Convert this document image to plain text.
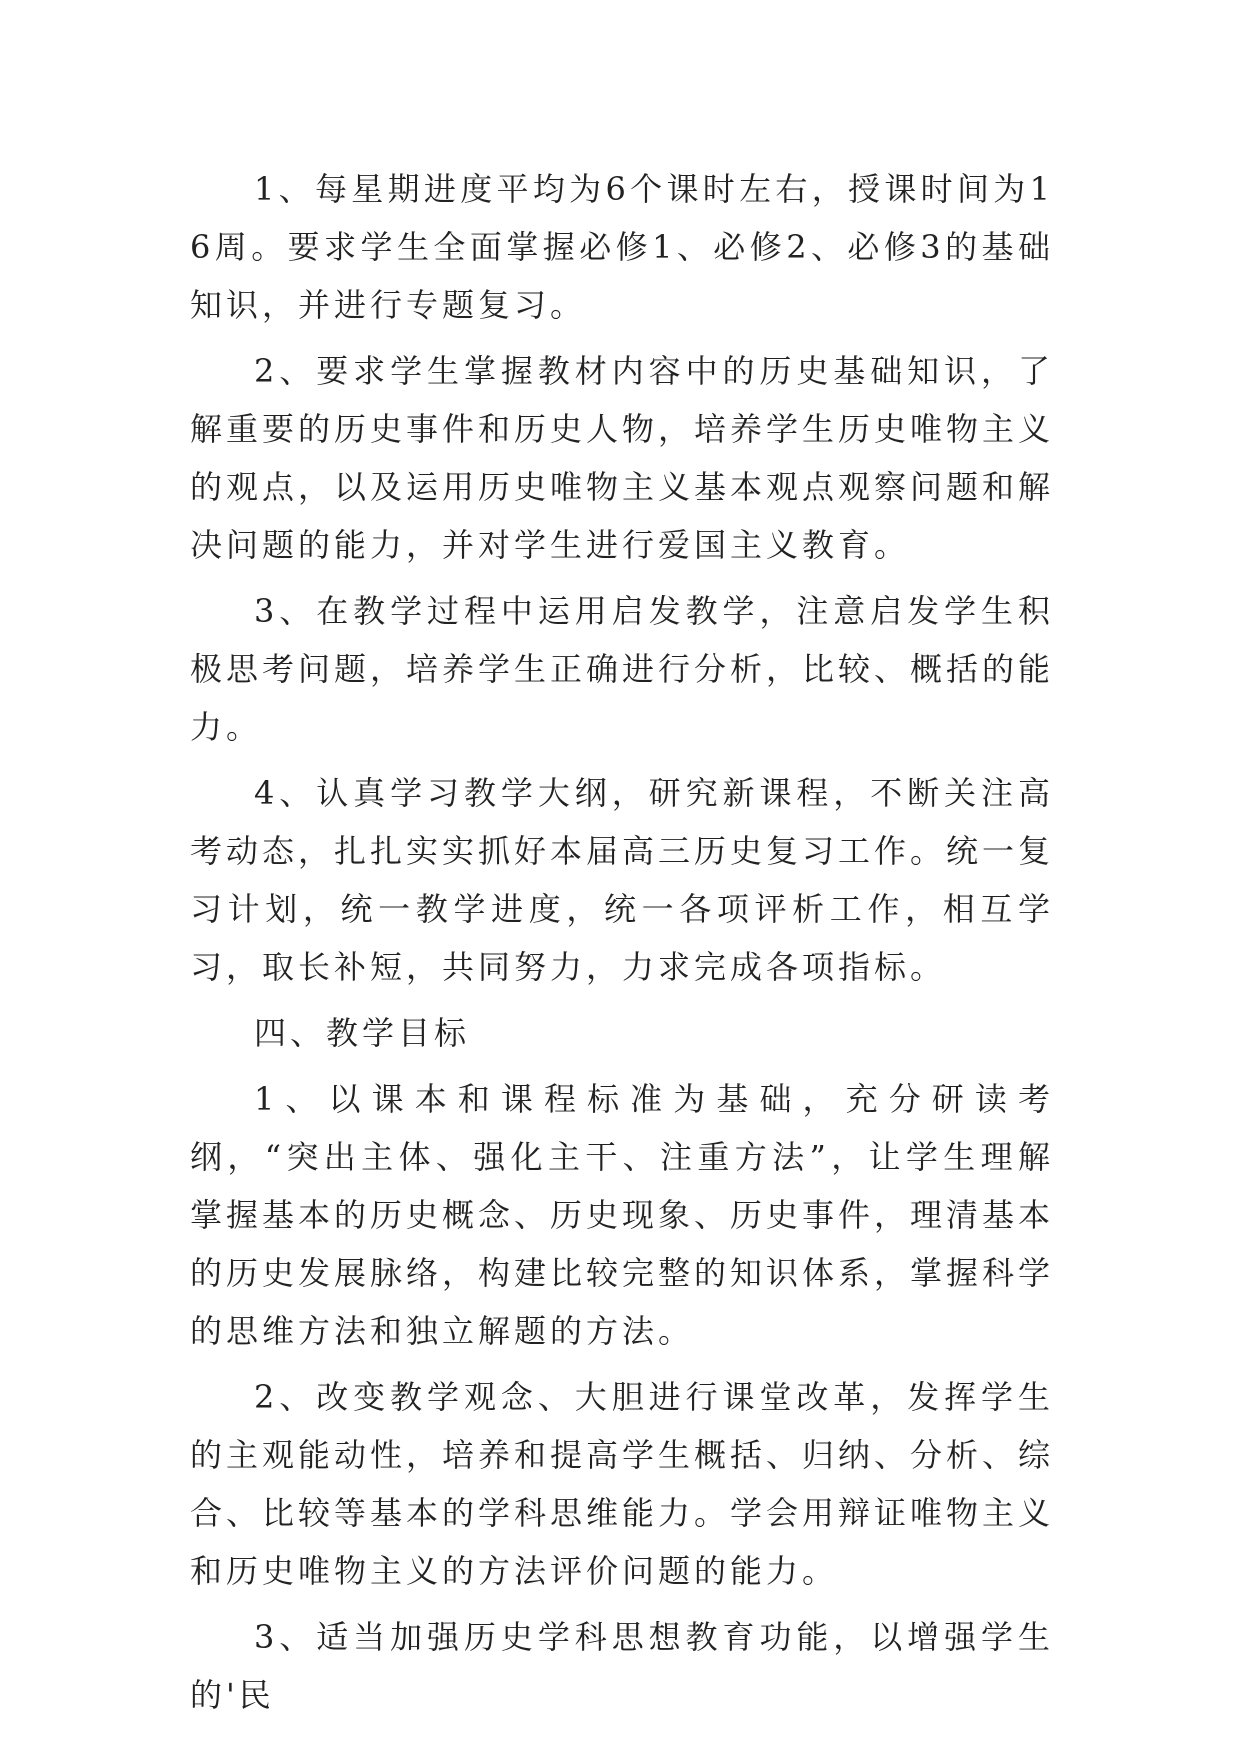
1、每星期进度平均为6个课时左右，授课时间为16周。要求学生全面掌握必修1、必修2、必修3的基础知识，并进行专题复习。

2、要求学生掌握教材内容中的历史基础知识，了解重要的历史事件和历史人物，培养学生历史唯物主义的观点，以及运用历史唯物主义基本观点观察问题和解决问题的能力，并对学生进行爱国主义教育。

3、在教学过程中运用启发教学，注意启发学生积极思考问题，培养学生正确进行分析，比较、概括的能力。

4、认真学习教学大纲，研究新课程，不断关注高考动态，扎扎实实抓好本届高三历史复习工作。统一复习计划，统一教学进度，统一各项评析工作，相互学习，取长补短，共同努力，力求完成各项指标。

四、教学目标

1、以课本和课程标准为基础，充分研读考纲，“突出主体、强化主干、注重方法”，让学生理解掌握基本的历史概念、历史现象、历史事件，理清基本的历史发展脉络，构建比较完整的知识体系，掌握科学的思维方法和独立解题的方法。

2、改变教学观念、大胆进行课堂改革，发挥学生的主观能动性，培养和提高学生概括、归纳、分析、综合、比较等基本的学科思维能力。学会用辩证唯物主义和历史唯物主义的方法评价问题的能力。

3、适当加强历史学科思想教育功能，以增强学生的'民
